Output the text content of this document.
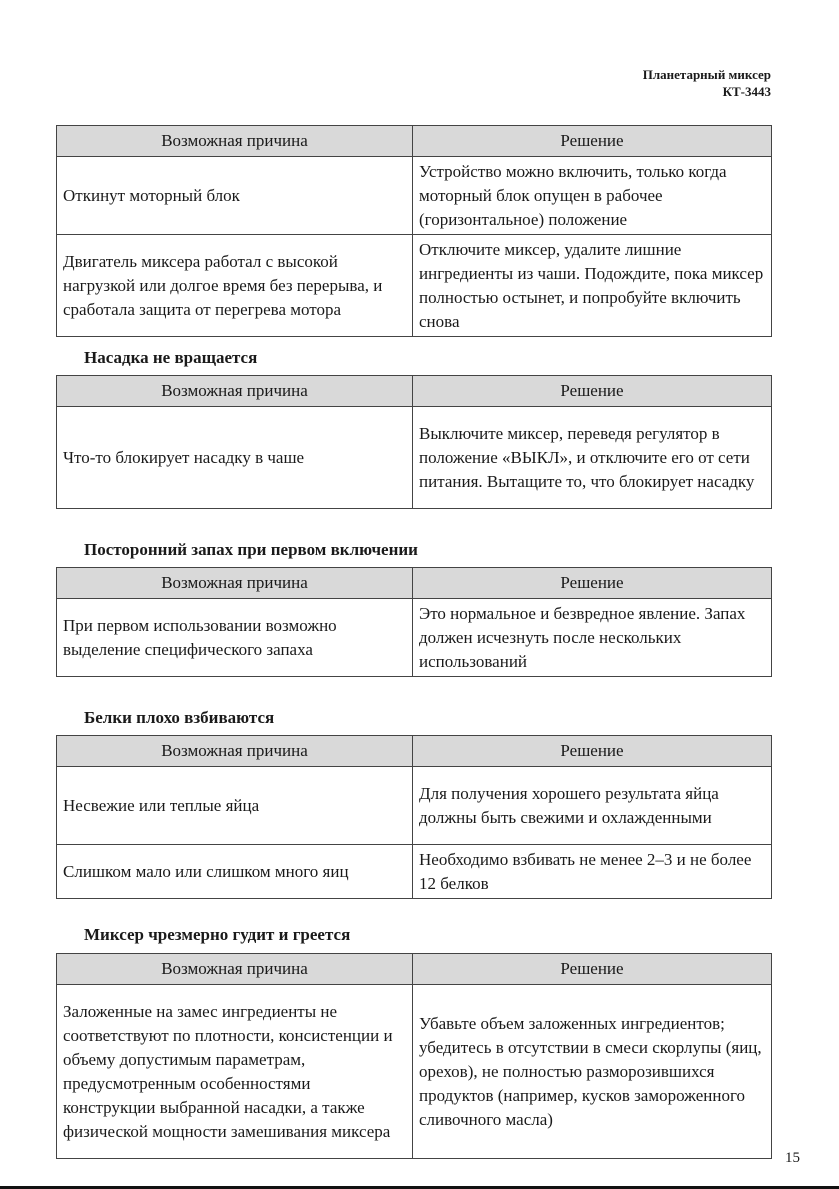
Планетарный миксер
КТ-3443
Возможная причина	Решение
Откинут моторный блок	Устройство можно включить, только когда моторный блок опущен в рабочее (горизонтальное) положение
Двигатель миксера работал с высокой нагрузкой или долгое время без перерыва, и сработала защита от перегрева мотора	Отключите миксер, удалите лишние ингредиенты из чаши. Подождите, пока миксер полностью остынет, и попробуйте включить снова
Насадка не вращается
Возможная причина	Решение
Что-то блокирует насадку в чаше	Выключите миксер, переведя регулятор в положение «ВЫКЛ», и отключите его от сети питания. Вытащите то, что блокирует насадку
Посторонний запах при первом включении
Возможная причина	Решение
При первом использовании возможно выделение специфического запаха	Это нормальное и безвредное явление. Запах должен исчезнуть после нескольких использований
Белки плохо взбиваются
Возможная причина	Решение
Несвежие или теплые яйца	Для получения хорошего результата яйца должны быть свежими и охлажденными
Слишком мало или слишком много яиц	Необходимо взбивать не менее 2–3 и не более 12 белков
Миксер чрезмерно гудит и греется
Возможная причина	Решение
Заложенные на замес ингредиенты не соответствуют по плотности, консистенции и объему допустимым параметрам, предусмотренным особенностями конструкции выбранной насадки, а также физической мощности замешивания миксера	Убавьте объем заложенных ингредиентов; убедитесь в отсутствии в смеси скорлупы (яиц, орехов), не полностью разморозившихся продуктов (например, кусков замороженного сливочного масла)
15
